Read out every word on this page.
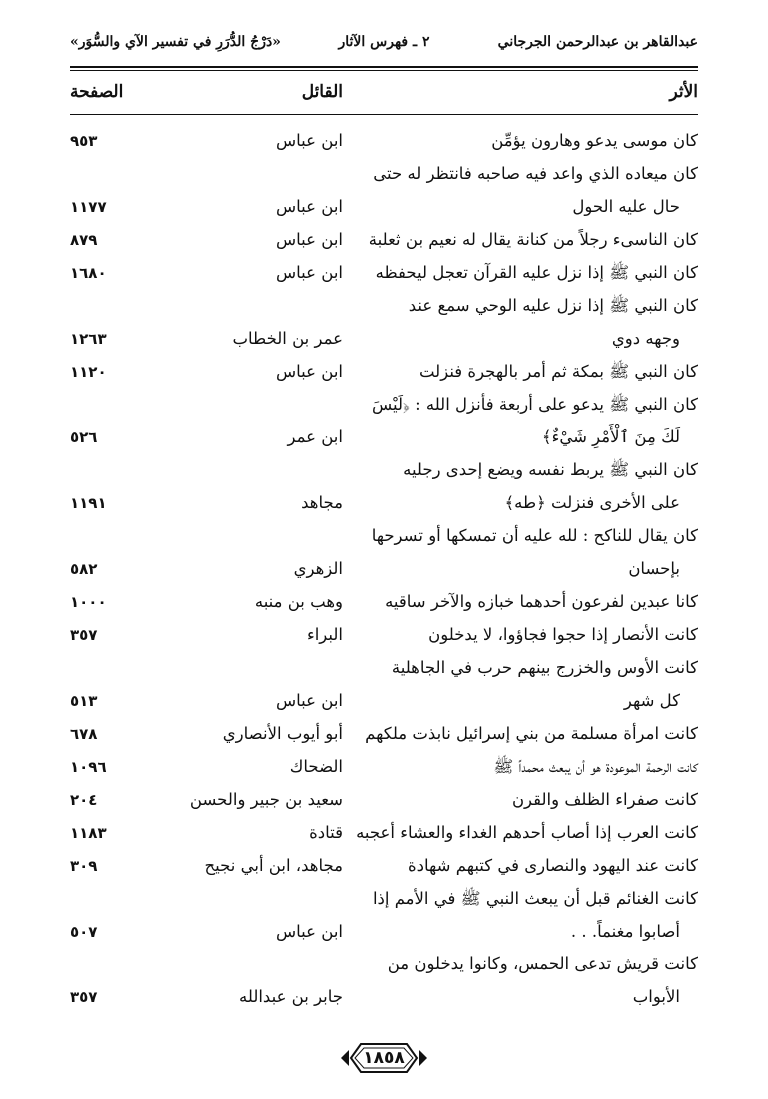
عبدالقاهر بن عبدالرحمن الجرجاني
٢ ـ فهرس الآثار
«دَرْجُ الدُّرَرِ في تفسير الآي والسُّوَر»
الأثر
القائل
الصفحة
كان موسى يدعو وهارون يؤمِّن
ابن عباس
٩٥٣
كان ميعاده الذي واعد فيه صاحبه فانتظر له حتى
حال عليه الحول
ابن عباس
١١٧٧
كان الناسىء رجلاً من كنانة يقال له نعيم بن ثعلبة
ابن عباس
٨٧٩
كان النبي ﷺ إذا نزل عليه القرآن تعجل ليحفظه
ابن عباس
١٦٨٠
كان النبي ﷺ إذا نزل عليه الوحي سمع عند
وجهه دوي
عمر بن الخطاب
١٢٦٣
كان النبي ﷺ بمكة ثم أمر بالهجرة فنزلت
ابن عباس
١١٢٠
كان النبي ﷺ يدعو على أربعة فأنزل الله : ﴿لَيْسَ
لَكَ مِنَ ٱلْأَمْرِ شَيْءٌ﴾
ابن عمر
٥٢٦
كان النبي ﷺ يربط نفسه ويضع إحدى رجليه
على الأخرى فنزلت ﴿طه﴾
مجاهد
١١٩١
كان يقال للناكح : لله عليه أن تمسكها أو تسرحها
بإحسان
الزهري
٥٨٢
كانا عبدين لفرعون أحدهما خبازه والآخر ساقيه
وهب بن منبه
١٠٠٠
كانت الأنصار إذا حجوا فجاؤوا، لا يدخلون
البراء
٣٥٧
كانت الأوس والخزرج بينهم حرب في الجاهلية
كل شهر
ابن عباس
٥١٣
كانت امرأة مسلمة من بني إسرائيل نابذت ملكهم
أبو أيوب الأنصاري
٦٧٨
كانت الرحمة الموعودة هو أن يبعث محمداً ﷺ
الضحاك
١٠٩٦
كانت صفراء الظلف والقرن
سعيد بن جبير والحسن
٢٠٤
كانت العرب إذا أصاب أحدهم الغداء والعشاء أعجبه
قتادة
١١٨٣
كانت عند اليهود والنصارى في كتبهم شهادة
مجاهد، ابن أبي نجيح
٣٠٩
كانت الغنائم قبل أن يبعث النبي ﷺ في الأمم إذا
أصابوا مغنماً. . .
ابن عباس
٥٠٧
كانت قريش تدعى الحمس، وكانوا يدخلون من
الأبواب
جابر بن عبدالله
٣٥٧
١٨٥٨
